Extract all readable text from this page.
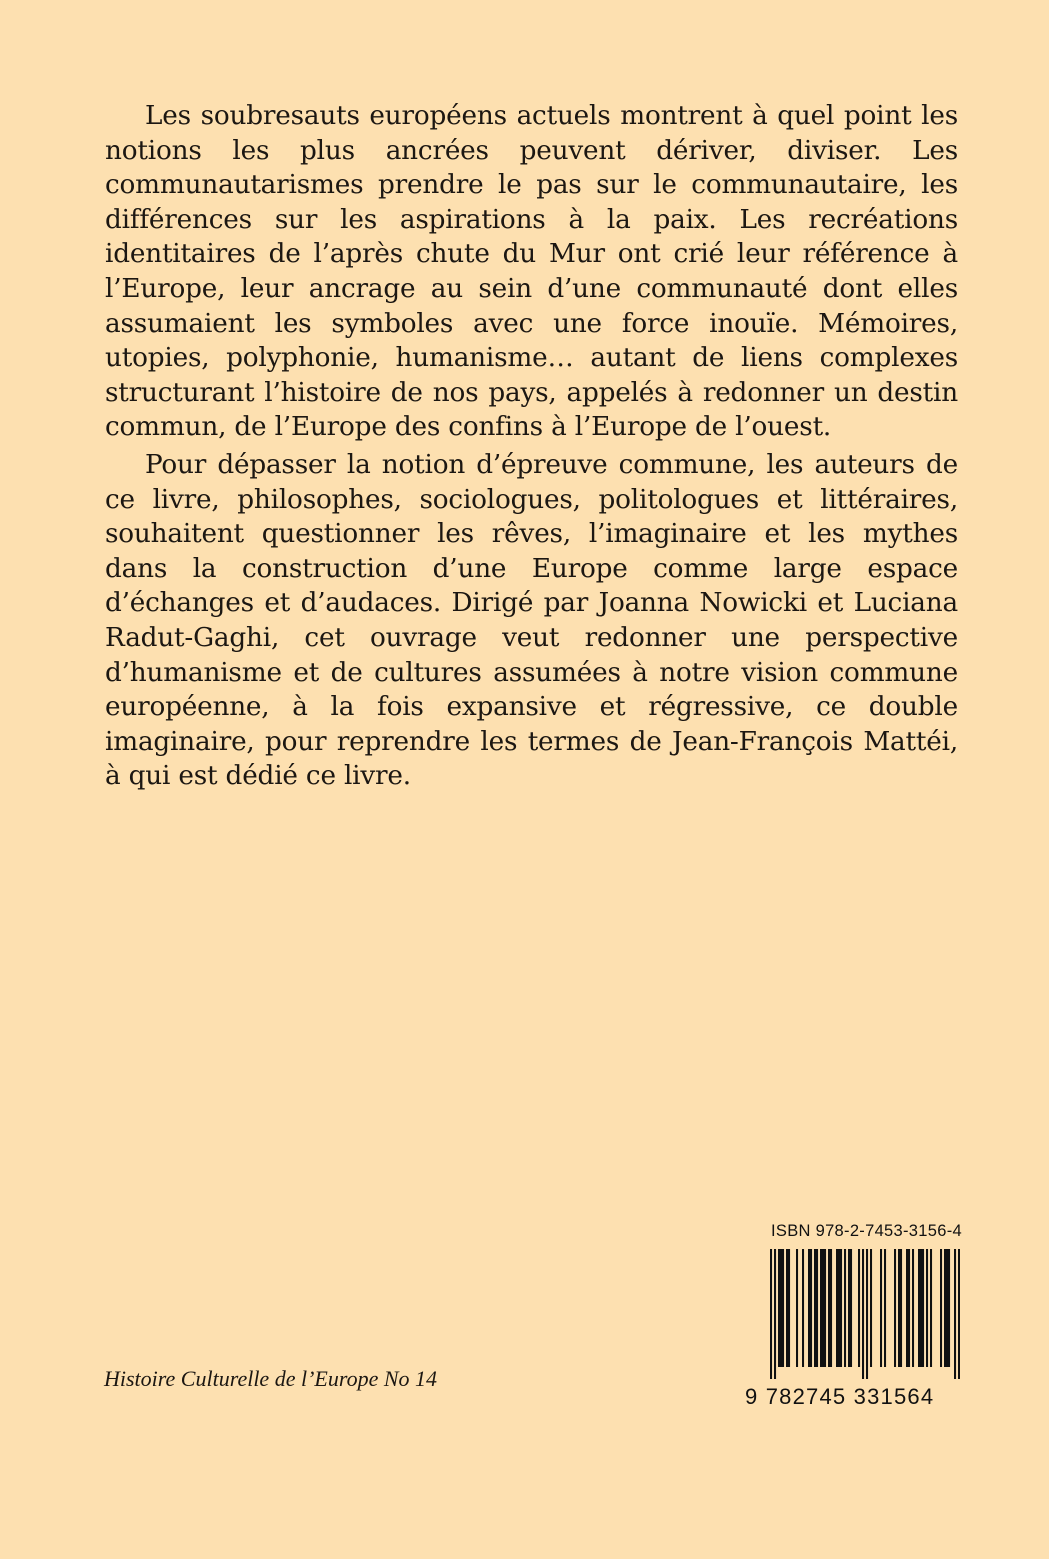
Les soubresauts européens actuels montrent à quel point les notions les plus ancrées peuvent dériver, diviser. Les communautarismes prendre le pas sur le communautaire, les différences sur les aspirations à la paix. Les recréations identitaires de l’après chute du Mur ont crié leur référence à l’Europe, leur ancrage au sein d’une communauté dont elles assumaient les symboles avec une force inouïe. Mémoires, utopies, polyphonie, humanisme… autant de liens complexes structurant l’histoire de nos pays, appelés à redonner un destin commun, de l’Europe des confins à l’Europe de l’ouest.

Pour dépasser la notion d’épreuve commune, les auteurs de ce livre, philosophes, sociologues, politologues et littéraires, souhaitent questionner les rêves, l’imaginaire et les mythes dans la construction d’une Europe comme large espace d’échanges et d’audaces. Dirigé par Joanna Nowicki et Luciana Radut-Gaghi, cet ouvrage veut redonner une perspective d’humanisme et de cultures assumées à notre vision commune européenne, à la fois expansive et régressive, ce double imaginaire, pour reprendre les termes de Jean-François Mattéi, à qui est dédié ce livre.

Histoire Culturelle de l’Europe No 14
ISBN 978-2-7453-3156-4
9 782745 331564
